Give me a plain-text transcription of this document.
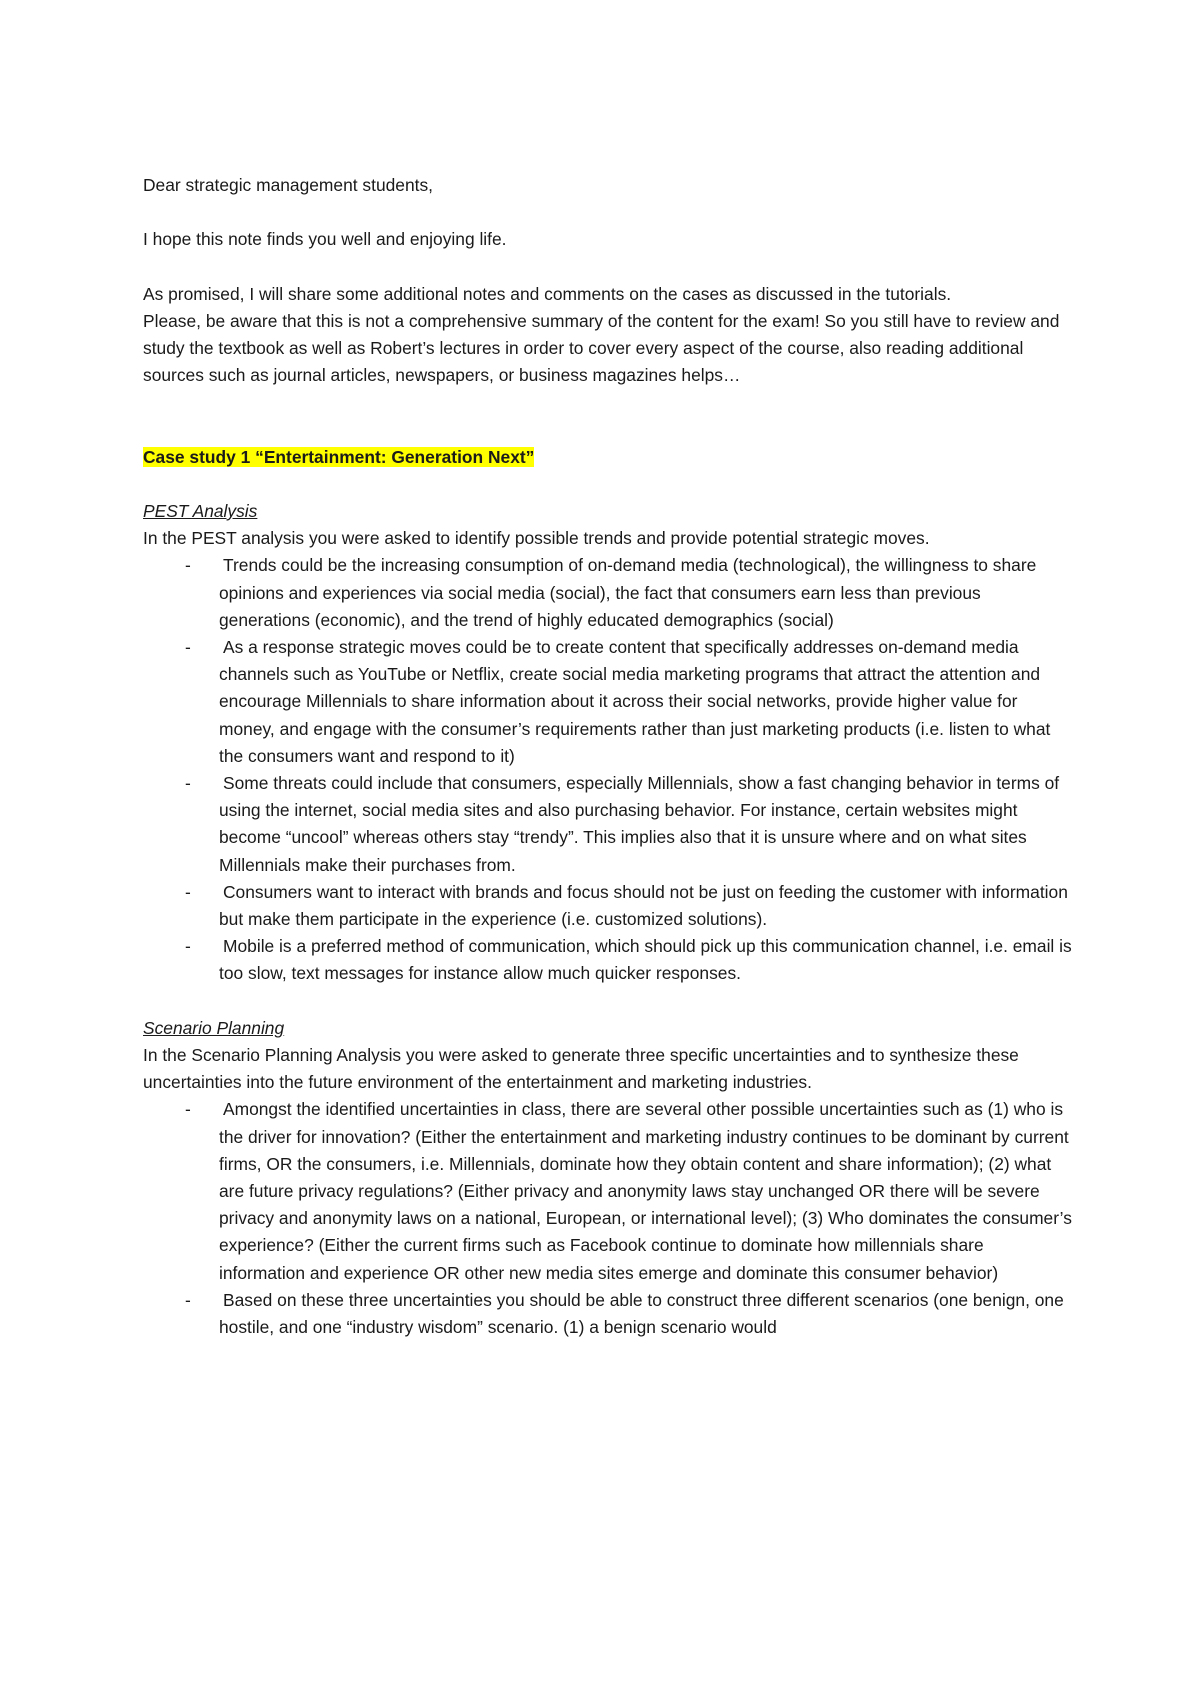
Dear strategic management students,

I hope this note finds you well and enjoying life.

As promised, I will share some additional notes and comments on the cases as discussed in the tutorials.

Please, be aware that this is not a comprehensive summary of the content for the exam! So you still have to review and study the textbook as well as Robert’s lectures in order to cover every aspect of the course, also reading additional sources such as journal articles, newspapers, or business magazines helps…

Case study 1 “Entertainment: Generation Next”

PEST Analysis

In the PEST analysis you were asked to identify possible trends and provide potential strategic moves.

- Trends could be the increasing consumption of on-demand media (technological), the willingness to share opinions and experiences via social media (social), the fact that consumers earn less than previous generations (economic), and the trend of highly educated demographics (social)
- As a response strategic moves could be to create content that specifically addresses on-demand media channels such as YouTube or Netflix, create social media marketing programs that attract the attention and encourage Millennials to share information about it across their social networks, provide higher value for money, and engage with the consumer’s requirements rather than just marketing products (i.e. listen to what the consumers want and respond to it)
- Some threats could include that consumers, especially Millennials, show a fast changing behavior in terms of using the internet, social media sites and also purchasing behavior. For instance, certain websites might become “uncool” whereas others stay “trendy”. This implies also that it is unsure where and on what sites Millennials make their purchases from.
- Consumers want to interact with brands and focus should not be just on feeding the customer with information but make them participate in the experience (i.e. customized solutions).
- Mobile is a preferred method of communication, which should pick up this communication channel, i.e. email is too slow, text messages for instance allow much quicker responses.

Scenario Planning

In the Scenario Planning Analysis you were asked to generate three specific uncertainties and to synthesize these uncertainties into the future environment of the entertainment and marketing industries.

- Amongst the identified uncertainties in class, there are several other possible uncertainties such as (1) who is the driver for innovation? (Either the entertainment and marketing industry continues to be dominant by current firms, OR the consumers, i.e. Millennials, dominate how they obtain content and share information); (2) what are future privacy regulations? (Either privacy and anonymity laws stay unchanged OR there will be severe privacy and anonymity laws on a national, European, or international level); (3) Who dominates the consumer’s experience? (Either the current firms such as Facebook continue to dominate how millennials share information and experience OR other new media sites emerge and dominate this consumer behavior)
- Based on these three uncertainties you should be able to construct three different scenarios (one benign, one hostile, and one “industry wisdom” scenario. (1) a benign scenario would
